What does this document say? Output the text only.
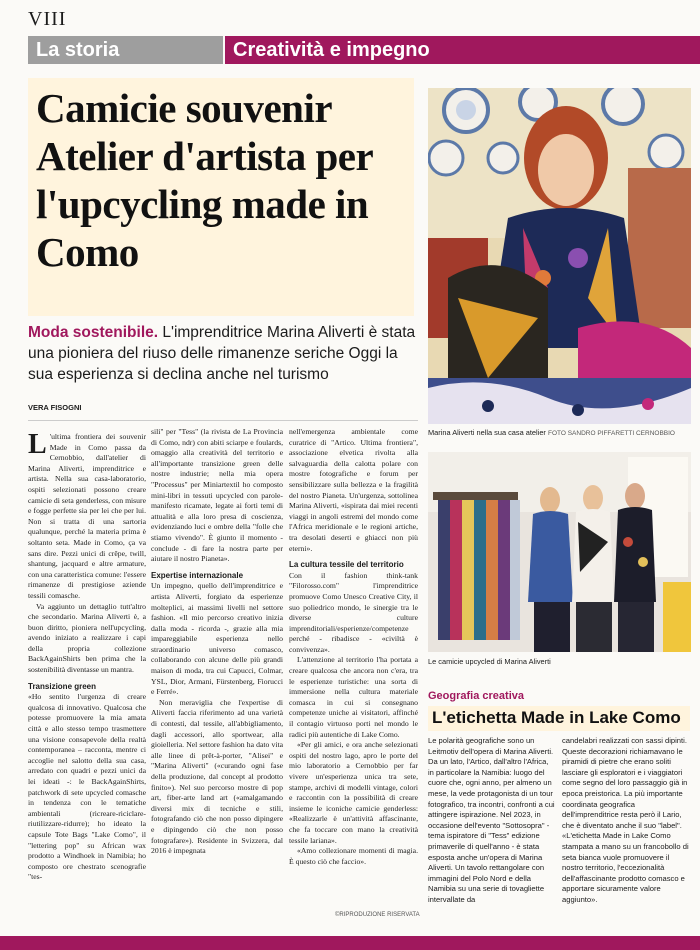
VIII
La storia	Creatività e impegno
Camicie souvenir Atelier d'artista per l'upcycling made in Como

Moda sostenibile. L'imprenditrice Marina Aliverti è stata una pioniera del riuso delle rimanenze seriche Oggi la sua esperienza si declina anche nel turismo

VERA FISOGNI

L 'ultima frontiera dei souvenir Made in Como passa da Cernobbio, dall'atelier di Marina Aliverti, imprenditrice e artista. Nella sua casa-laboratorio, ospiti selezionati possono creare camicie di seta genderless, con misure e fogge perfette sia per lei che per lui. Non si tratta di una sartoria qualunque, perché la materia prima è soltanto seta. Made in Como, ça va sans dire. Pezzi unici di crêpe, twill, shantung, jacquard e altre armature, con una caratteristica comune: l'essere rimanenze di prestigiose aziende tessili comasche.

Va aggiunto un dettaglio tutt'altro che secondario. Marina Aliverti è, a buon diritto, pioniera nell'upcycling, avendo iniziato a realizzare i capi della propria collezione BackAgainShirts ben prima che la sostenibilità diventasse un mantra.

Transizione green

«Ho sentito l'urgenza di creare qualcosa di innovativo. Qualcosa che potesse promuovere la mia amata città e allo stesso tempo trasmettere una visione consapevole della realtà contemporanea – racconta, mentre ci accoglie nel salotto della sua casa, arredato con quadri e pezzi unici da lei ideati -: le BackAgainShirts, patchwork di sete upcycled comasche in tendenza con le tematiche ambientali (ricreare-riciclare- riutilizzare-ridurre); ho ideato la capsule Tote Bags "Lake Como", il "lettering pop" su African wax prodotto a Windhoek in Namibia; ho composto ore chestrato scenografie "tes-

sili" per "Tess" (la rivista de La Provincia di Como, ndr) con abiti sciarpe e foulards, omaggio alla creatività del territorio e all'importante transizione green delle nostre industrie; nella mia opera "Processus" per Miniartextil ho composto mini-libri in tessuti upcycled con parole-manifesto ricamate, legate ai forti temi di attualità e alla loro presa di coscienza, evidenziando luci e ombre della "folle che stiamo vivendo". È giunto il momento - conclude - di fare la nostra parte per aiutare il nostro Pianeta».

Expertise internazionale

Un impegno, quello dell'imprenditrice e artista Aliverti, forgiato da esperienze molteplici, ai massimi livelli nel settore fashion. «Il mio percorso creativo inizia dalla moda - ricorda -, grazie alla mia impareggiabile esperienza nello straordinario universo comasco, collaborando con alcune delle più grandi maison di moda, tra cui Capucci, Colmar, YSL, Dior, Armani, Fürstenberg, Fiorucci e Ferré».

Non meraviglia che l'expertise di Aliverti faccia riferimento ad una varietà di contesti, dal tessile, all'abbigliamento, dagli accessori, allo sportwear, alla gioielleria. Nel settore fashion ha dato vita alle linee di prêt-à-porter, "Alisei" e "Marina Aliverti" («curando ogni fase della produzione, dal concept al prodotto finito»). Nel suo percorso mostre di pop art, fiber-arte land art («amalgamando diversi mix di tecniche e stili, fotografando ciò che non posso dipingere e dipingendo ciò che non posso fotografare»). Residente in Svizzera, dal 2016 è impegnata

nell'emergenza ambientale come curatrice di "Artico. Ultima frontiera", associazione elvetica rivolta alla salvaguardia della calotta polare con mostre fotografiche e forum per sensibilizzare sulla bellezza e la fragilità del nostro Pianeta. Un'urgenza, sottolinea Marina Aliverti, «ispirata dai miei recenti viaggi in angoli estremi del mondo come l'Africa meridionale e le regioni artiche, tra desolati deserti e ghiacci non più eterni».

La cultura tessile del territorio

Con il fashion think-tank "Filorosso.com" l'imprenditrice promuove Como Unesco Creative City, il suo poliedrico mondo, le sinergie tra le diverse culture imprenditoriali/esperienze/competenze perché - ribadisce - «civiltà è convivenza».

L'attenzione al territorio l'ha portata a creare qualcosa che ancora non c'era, tra le esperienze turistiche: una sorta di immersione nella cultura materiale comasca in cui si consegnano competenze uniche ai visitatori, affinché il contagio virtuoso porti nel mondo le radici più autentiche di Lake Como.

«Per gli amici, e ora anche selezionati ospiti del nostro lago, apro le porte del mio laboratorio a Cernobbio per far vivere un'esperienza unica tra sete, stampe, archivi di modelli vintage, colori e raccontin con la possibilità di creare insieme le iconiche camicie genderless: «Realizzarle è un'attività affascinante, che fa toccare con mano la creatività tessile lariana».

«Amo collezionare momenti di magia. È questo ciò che faccio».

©RIPRODUZIONE RISERVATA
Marina Aliverti nella sua casa atelier FOTO SANDRO PIFFARETTI CERNOBBIO
Le camicie upcycled di Marina Aliverti
Geografia creativa
L'etichetta Made in Lake Como
Le polarità geografiche sono un Leitmotiv dell'opera di Marina Aliverti. Da un lato, l'Artico, dall'altro l'Africa, in particolare la Namibia: luogo del cuore che, ogni anno, per almeno un mese, la vede protagonista di un tour fotografico, tra incontri, confronti a cui attingere ispirazione. Nel 2023, in occasione dell'evento "Sottosopra" - tema ispiratore di "Tess" edizione primaverile di quell'anno - è stata esposta anche un'opera di Marina Aliverti. Un tavolo rettangolare con immagini del Polo Nord e della Namibia su una serie di tovagliette intervallate da
candelabri realizzati con sassi dipinti. Queste decorazioni richiamavano le piramidi di pietre che erano soliti lasciare gli esploratori e i viaggiatori come segno del loro passaggio già in epoca preistorica. La più importante coordinata geografica dell'imprenditrice resta però il Lario, che è diventato anche il suo "label". «L'etichetta Made in Lake Como stampata a mano su un francobollo di seta bianca vuole promuovere il nostro territorio, l'eccezionalità dell'affascinante prodotto comasco e apportare sicuramente valore aggiunto».
